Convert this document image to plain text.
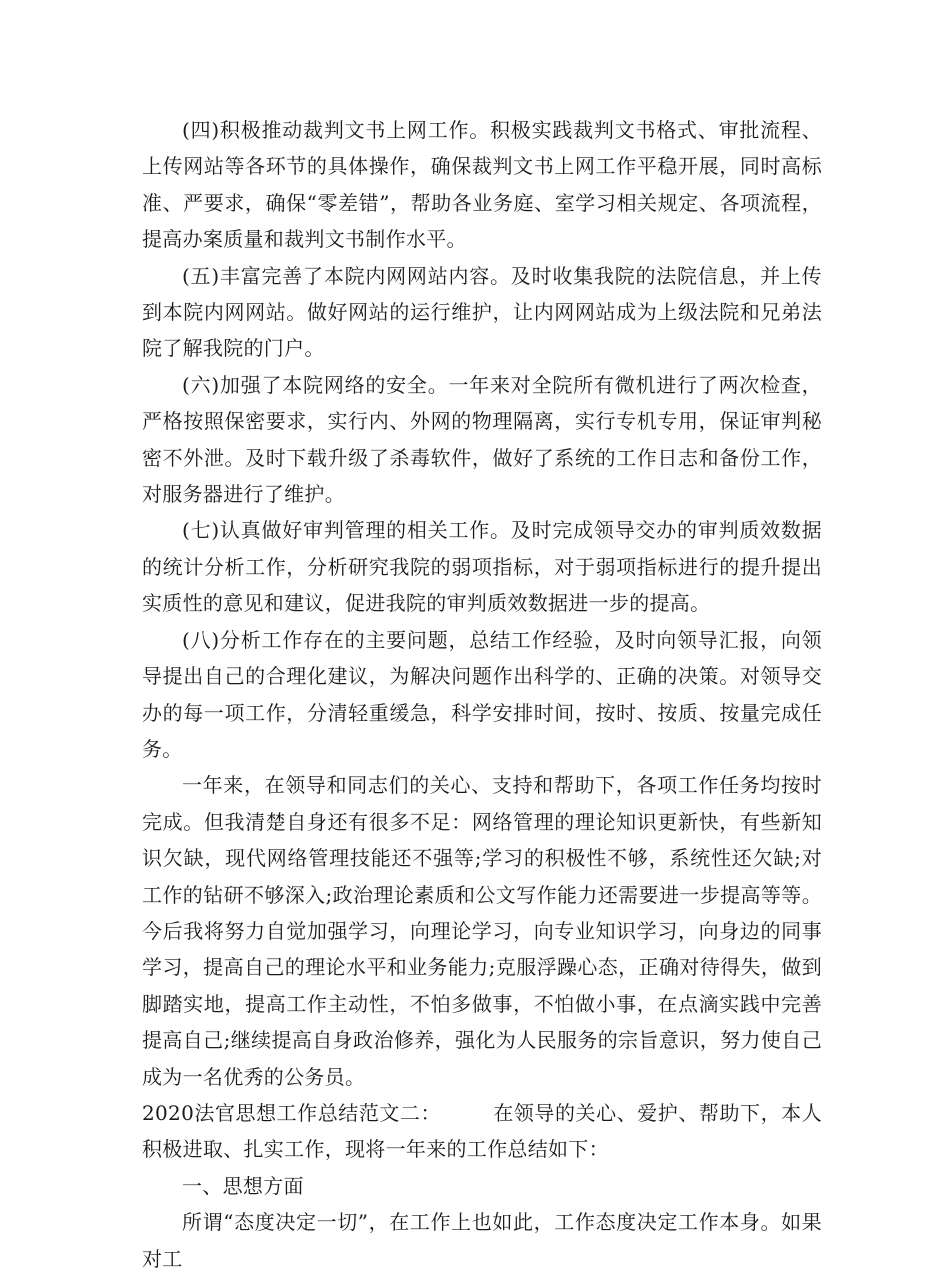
(四)积极推动裁判文书上网工作。积极实践裁判文书格式、审批流程、上传网站等各环节的具体操作，确保裁判文书上网工作平稳开展，同时高标准、严要求，确保“零差错”，帮助各业务庭、室学习相关规定、各项流程，提高办案质量和裁判文书制作水平。

(五)丰富完善了本院内网网站内容。及时收集我院的法院信息，并上传到本院内网网站。做好网站的运行维护，让内网网站成为上级法院和兄弟法院了解我院的门户。

(六)加强了本院网络的安全。一年来对全院所有微机进行了两次检查，严格按照保密要求，实行内、外网的物理隔离，实行专机专用，保证审判秘密不外泄。及时下载升级了杀毒软件，做好了系统的工作日志和备份工作，对服务器进行了维护。

(七)认真做好审判管理的相关工作。及时完成领导交办的审判质效数据的统计分析工作，分析研究我院的弱项指标，对于弱项指标进行的提升提出实质性的意见和建议，促进我院的审判质效数据进一步的提高。

(八)分析工作存在的主要问题，总结工作经验，及时向领导汇报，向领导提出自己的合理化建议，为解决问题作出科学的、正确的决策。对领导交办的每一项工作，分清轻重缓急，科学安排时间，按时、按质、按量完成任务。

一年来，在领导和同志们的关心、支持和帮助下，各项工作任务均按时完成。但我清楚自身还有很多不足：网络管理的理论知识更新快，有些新知识欠缺，现代网络管理技能还不强等;学习的积极性不够，系统性还欠缺;对工作的钻研不够深入;政治理论素质和公文写作能力还需要进一步提高等等。今后我将努力自觉加强学习，向理论学习，向专业知识学习，向身边的同事学习，提高自己的理论水平和业务能力;克服浮躁心态，正确对待得失，做到脚踏实地，提高工作主动性，不怕多做事，不怕做小事，在点滴实践中完善提高自己;继续提高自身政治修养，强化为人民服务的宗旨意识，努力使自己成为一名优秀的公务员。

2020法官思想工作总结范文二：	在领导的关心、爱护、帮助下，本人积极进取、扎实工作，现将一年来的工作总结如下：

一、思想方面

所谓“态度决定一切”，在工作上也如此，工作态度决定工作本身。如果对工
